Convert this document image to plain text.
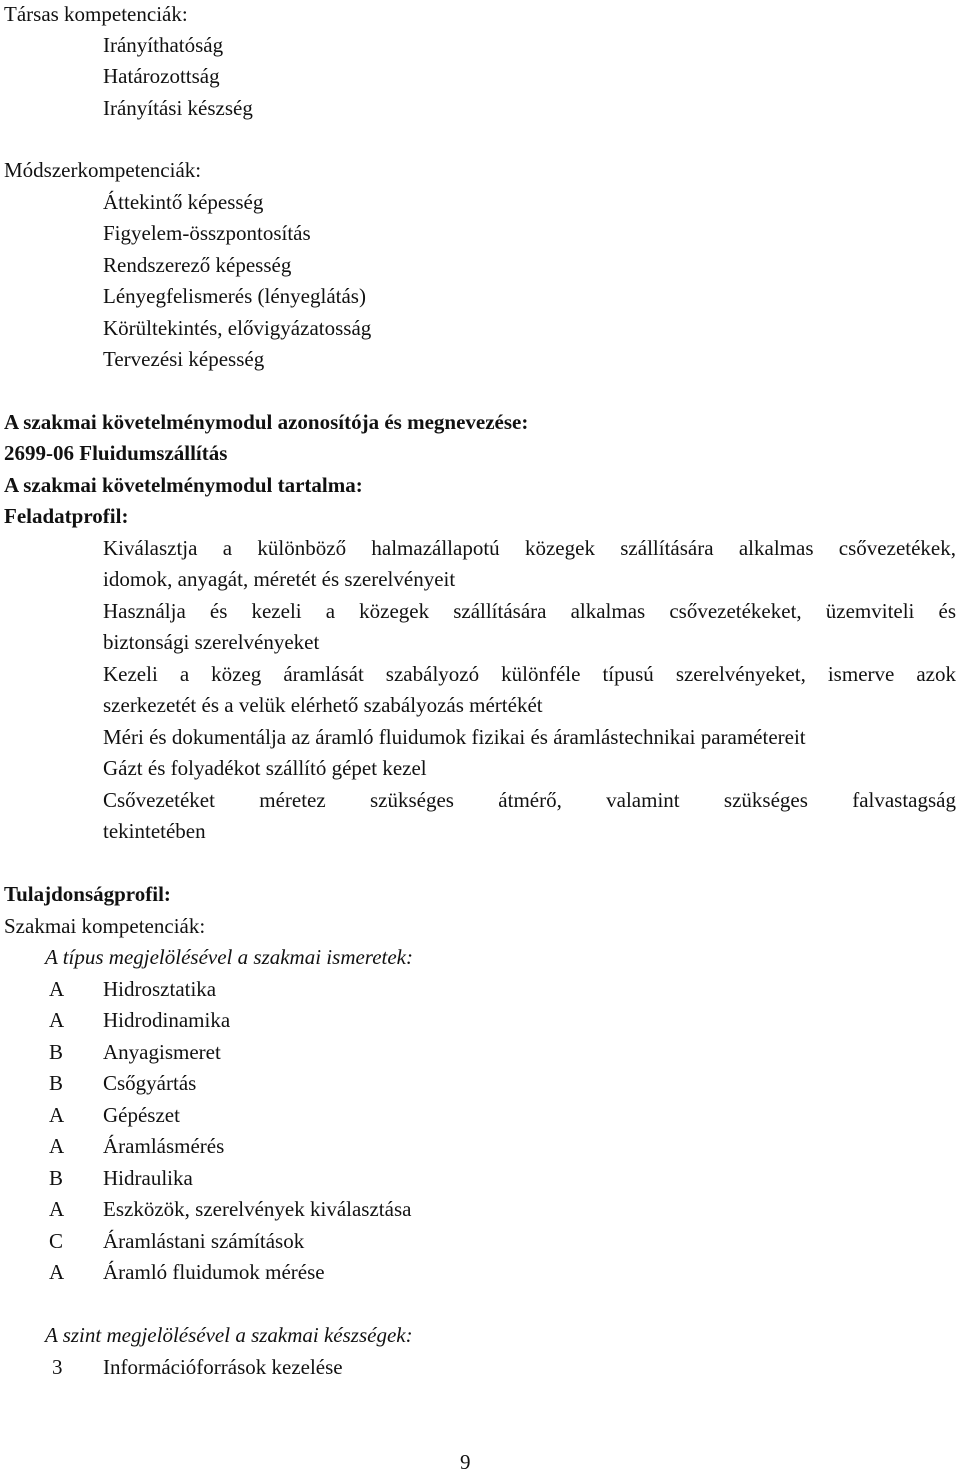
Társas kompetenciák:
Irányíthatóság
Határozottság
Irányítási készség
Módszerkompetenciák:
Áttekintő képesség
Figyelem-összpontosítás
Rendszerező képesség
Lényegfelismerés (lényeglátás)
Körültekintés, elővigyázatosság
Tervezési képesség
A szakmai követelménymodul azonosítója és megnevezése:
2699-06 Fluidumszállítás
A szakmai követelménymodul tartalma:
Feladatprofil:
Kiválasztja a különböző halmazállapotú közegek szállítására alkalmas csővezetékek,
idomok, anyagát, méretét és szerelvényeit
Használja és kezeli a közegek szállítására alkalmas csővezetékeket, üzemviteli és
biztonsági szerelvényeket
Kezeli a közeg áramlását szabályozó különféle típusú szerelvényeket, ismerve azok
szerkezetét és a velük elérhető szabályozás mértékét
Méri és dokumentálja az áramló fluidumok fizikai és áramlástechnikai paramétereit
Gázt és folyadékot szállító gépet kezel
Csővezetéket méretez szükséges átmérő, valamint szükséges falvastagság
tekintetében
Tulajdonságprofil:
Szakmai kompetenciák:
A típus megjelölésével a szakmai ismeretek:
A Hidrosztatika
A Hidrodinamika
B Anyagismeret
B Csőgyártás
A Gépészet
A Áramlásmérés
B Hidraulika
A Eszközök, szerelvények kiválasztása
C Áramlástani számítások
A Áramló fluidumok mérése
A szint megjelölésével a szakmai készségek:
3 Információforrások kezelése
9
